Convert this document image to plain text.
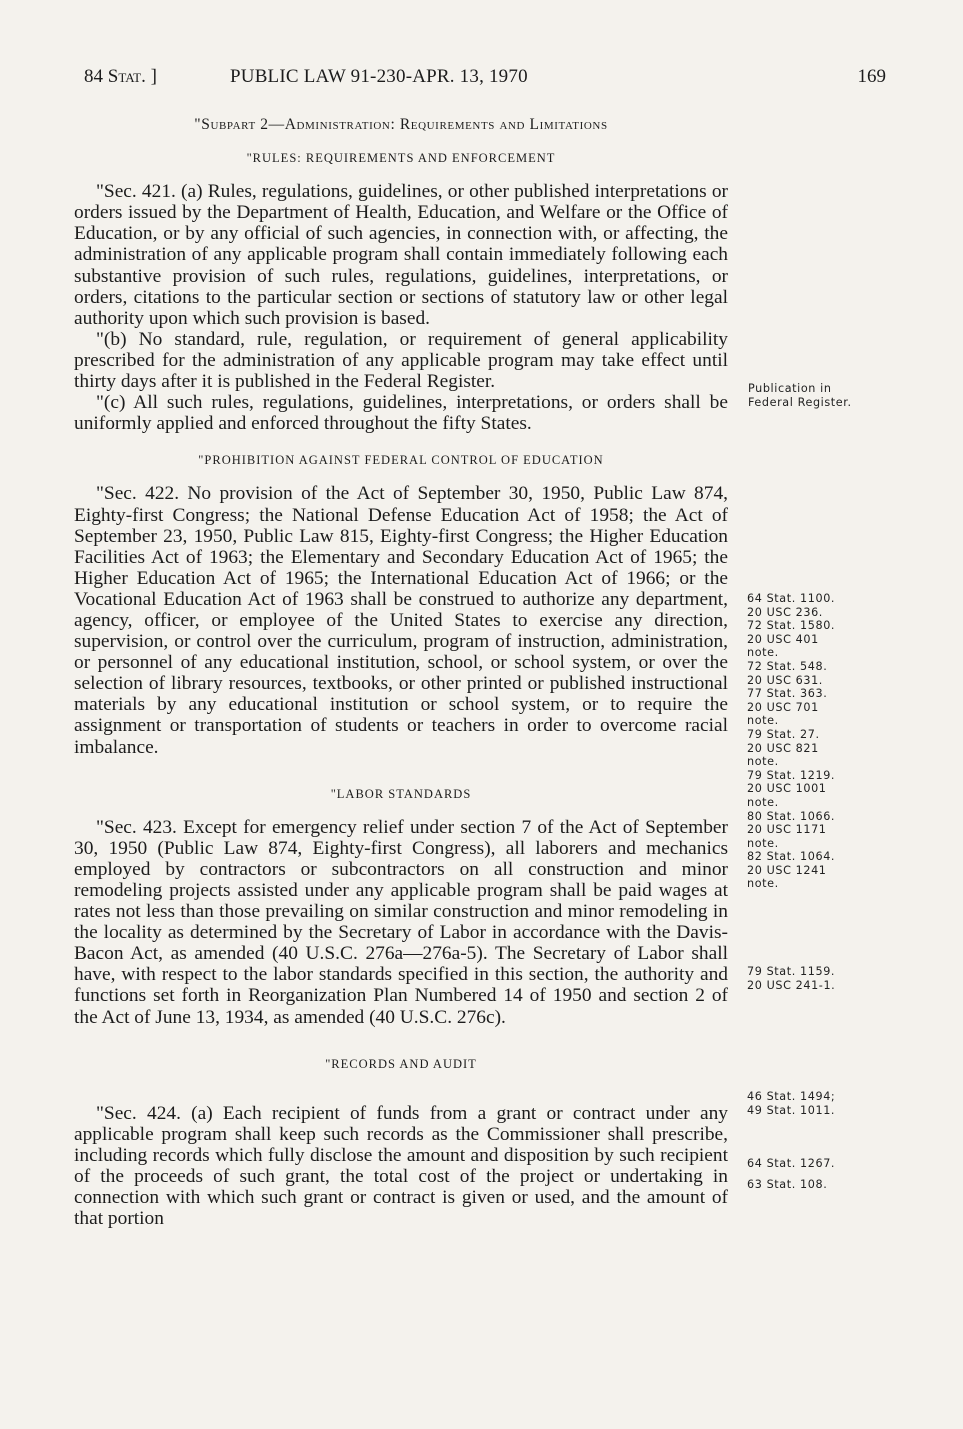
84 Stat. ]	PUBLIC LAW 91-230-APR. 13, 1970	169
"Subpart 2—Administration: Requirements and Limitations
"RULES: REQUIREMENTS AND ENFORCEMENT

"Sec. 421. (a) Rules, regulations, guidelines, or other published interpretations or orders issued by the Department of Health, Education, and Welfare or the Office of Education, or by any official of such agencies, in connection with, or affecting, the administration of any applicable program shall contain immediately following each substantive provision of such rules, regulations, guidelines, interpretations, or orders, citations to the particular section or sections of statutory law or other legal authority upon which such provision is based.

"(b) No standard, rule, regulation, or requirement of general applicability prescribed for the administration of any applicable program may take effect until thirty days after it is published in the Federal Register.

"(c) All such rules, regulations, guidelines, interpretations, or orders shall be uniformly applied and enforced throughout the fifty States.

"PROHIBITION AGAINST FEDERAL CONTROL OF EDUCATION

"Sec. 422. No provision of the Act of September 30, 1950, Public Law 874, Eighty-first Congress; the National Defense Education Act of 1958; the Act of September 23, 1950, Public Law 815, Eighty-first Congress; the Higher Education Facilities Act of 1963; the Elementary and Secondary Education Act of 1965; the Higher Education Act of 1965; the International Education Act of 1966; or the Vocational Education Act of 1963 shall be construed to authorize any department, agency, officer, or employee of the United States to exercise any direction, supervision, or control over the curriculum, program of instruction, administration, or personnel of any educational institution, school, or school system, or over the selection of library resources, textbooks, or other printed or published instructional materials by any educational institution or school system, or to require the assignment or transportation of students or teachers in order to overcome racial imbalance.

"LABOR STANDARDS

"Sec. 423. Except for emergency relief under section 7 of the Act of September 30, 1950 (Public Law 874, Eighty-first Congress), all laborers and mechanics employed by contractors or subcontractors on all construction and minor remodeling projects assisted under any applicable program shall be paid wages at rates not less than those prevailing on similar construction and minor remodeling in the locality as determined by the Secretary of Labor in accordance with the Davis-Bacon Act, as amended (40 U.S.C. 276a—276a-5). The Secretary of Labor shall have, with respect to the labor standards specified in this section, the authority and functions set forth in Reorganization Plan Numbered 14 of 1950 and section 2 of the Act of June 13, 1934, as amended (40 U.S.C. 276c).

"RECORDS AND AUDIT

"Sec. 424. (a) Each recipient of funds from a grant or contract under any applicable program shall keep such records as the Commissioner shall prescribe, including records which fully disclose the amount and disposition by such recipient of the proceeds of such grant, the total cost of the project or undertaking in connection with which such grant or contract is given or used, and the amount of that portion

Publication in
Federal Register.
64 Stat. 1100.
20 USC 236.
72 Stat. 1580.
20 USC 401
note.
72 Stat. 548.
20 USC 631.
77 Stat. 363.
20 USC 701
note.
79 Stat. 27.
20 USC 821
note.
79 Stat. 1219.
20 USC 1001
note.
80 Stat. 1066.
20 USC 1171
note.
82 Stat. 1064.
20 USC 1241
note.
79 Stat. 1159.
20 USC 241-1.
46 Stat. 1494;
49 Stat. 1011.
64 Stat. 1267.
63 Stat. 108.
